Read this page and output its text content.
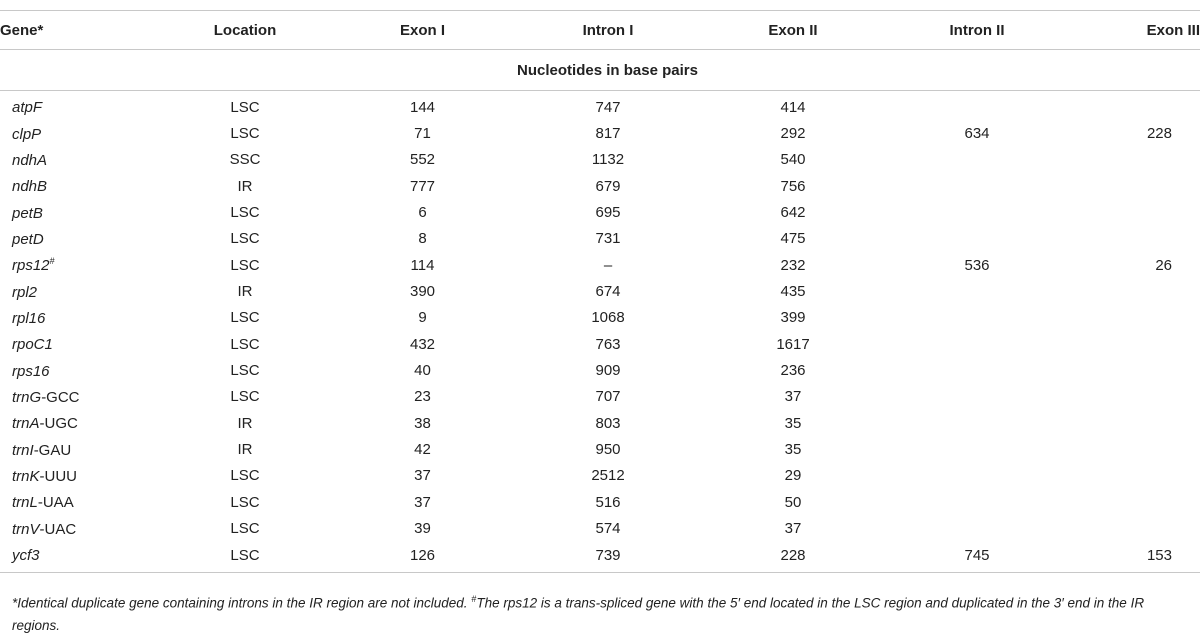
Gene*	Location	Exon I	Intron I	Exon II	Intron II	Exon III
		Nucleotides in base pairs				
atpF	LSC	144	747	414		
clpP	LSC	71	817	292	634	228
ndhA	SSC	552	1132	540		
ndhB	IR	777	679	756		
petB	LSC	6	695	642		
petD	LSC	8	731	475		
rps12#	LSC	114	–	232	536	26
rpl2	IR	390	674	435		
rpl16	LSC	9	1068	399		
rpoC1	LSC	432	763	1617		
rps16	LSC	40	909	236		
trnG-GCC	LSC	23	707	37		
trnA-UGC	IR	38	803	35		
trnI-GAU	IR	42	950	35		
trnK-UUU	LSC	37	2512	29		
trnL-UAA	LSC	37	516	50		
trnV-UAC	LSC	39	574	37		
ycf3	LSC	126	739	228	745	153
*Identical duplicate gene containing introns in the IR region are not included. #The rps12 is a trans-spliced gene with the 5′ end located in the LSC region and duplicated in the 3′ end in the IR regions.
